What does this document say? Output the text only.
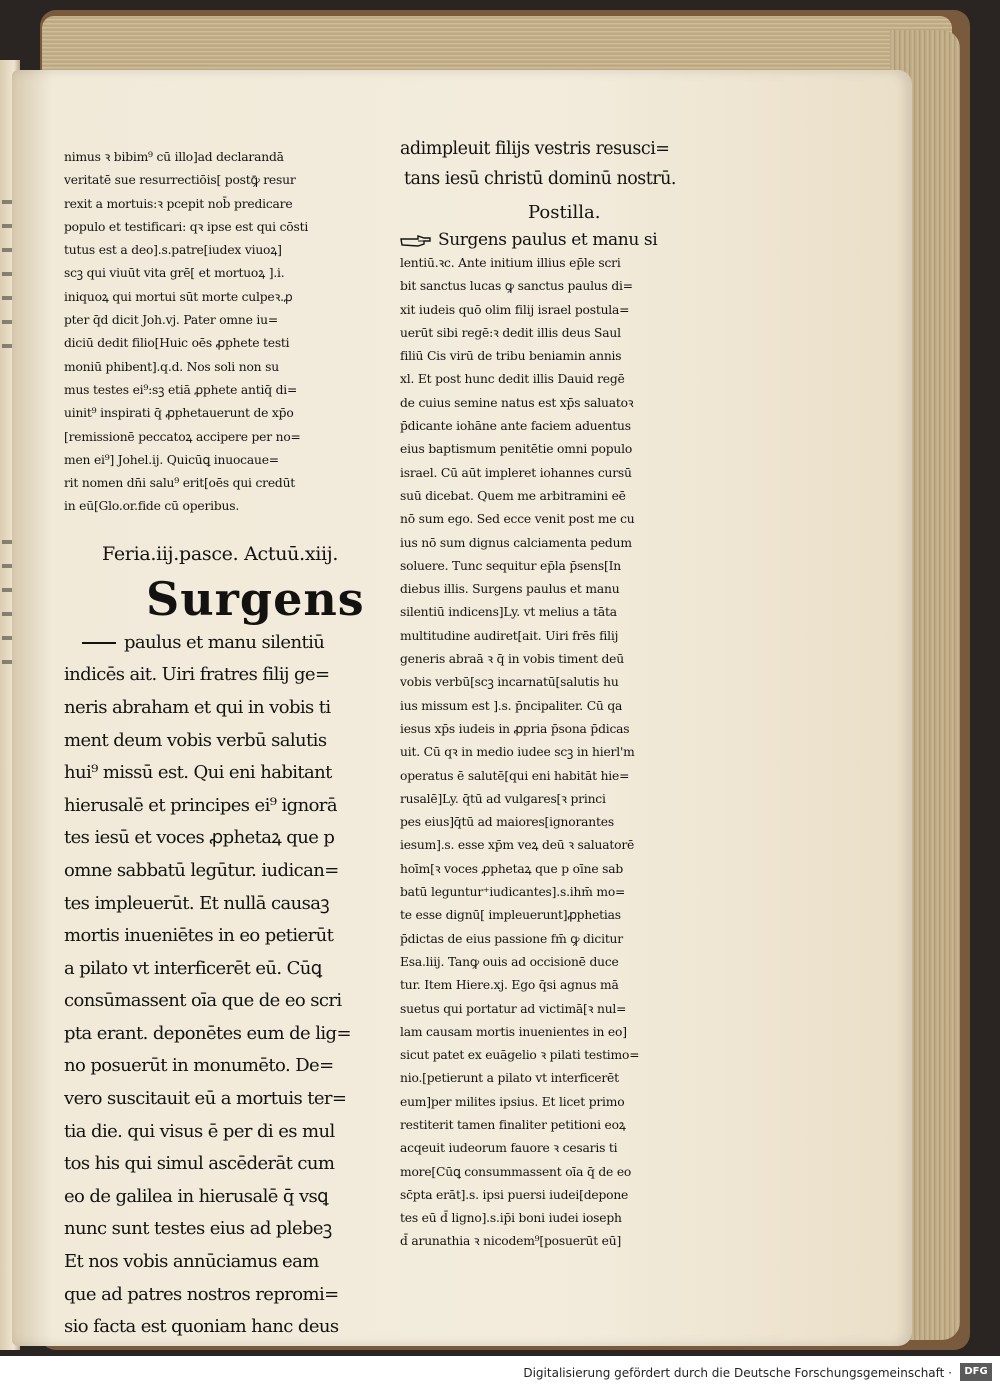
nimus ꝛ bibim⁹ cū illo]ad declarandā
veritatē sue resurrectiōis[ postꝙ̄ resur
rexit a mortuis:ꝛ pcepit nob̄ predicare
populo et testificari: qꝛ ipse est qui cōsti
tutus est a deo].s.patre[iudex viuoꝝ]
scꝫ qui viuūt vita grē[ et mortuoꝝ ].i.
iniquoꝝ qui mortui sūt morte culpeꝛ.ꝓ
pter q̄d dicit Joh.vj. Pater omne iu=
diciū dedit filio[Huic oēs ꝓphete testi
moniū phibent].q.d. Nos soli non su
mus testes ei⁹:sꝫ etiā ꝓphete antiq̄ di=
uinit⁹ inspirati q̄ ꝓphetauerunt de xp̄o
[remissionē peccatoꝝ accipere per no=
men ei⁹] Johel.ij. Quicūꝗ inuocaue=
rit nomen dn̄i salu⁹ erit[oēs qui credūt
in eū[Glo.or.fide cū operibus.
Feria.iij.pasce. Actuū.xiij.
Surgens
paulus et manu silentiū
indicēs ait. Uiri fratres filij ge=
neris abraham et qui in vobis ti
ment deum vobis verbū salutis
hui⁹ missū est. Qui eni habitant
hierusalē et principes ei⁹ ignorā
tes iesū et voces ꝓphetaꝝ que p
omne sabbatū legūtur. iudican=
tes impleuerūt. Et nullā causaꝫ
mortis inueniētes in eo petierūt
a pilato vt interficerēt eū. Cūꝗ
consūmassent oīa que de eo scri
pta erant. deponētes eum de lig=
no posuerūt in monumēto. De=
vero suscitauit eū a mortuis ter=
tia die. qui visus ē per di es mul
tos his qui simul ascēderāt cum
eo de galilea in hierusalē q̄ vsꝗ
nunc sunt testes eius ad plebeꝫ
Et nos vobis annūciamus eam
que ad patres nostros repromi=
sio facta est quoniam hanc deus
adimpleuit filijs vestris resusci=
tans iesū christū dominū nostrū.
Postilla.
Surgens paulus et manu si
lentiū.ꝛc. Ante initium illius ep̄le scri
bit sanctus lucas ꝙ sanctus paulus di=
xit iudeis quō olim filij israel postula=
uerūt sibi regē:ꝛ dedit illis deus Saul
filiū Cis virū de tribu beniamin annis
xl. Et post hunc dedit illis Dauid regē
de cuius semine natus est xp̄s saluatoꝛ
p̄dicante iohāne ante faciem aduentus
eius baptismum penitētie omni populo
israel. Cū aūt impleret iohannes cursū
suū dicebat. Quem me arbitramini eē
nō sum ego. Sed ecce venit post me cu
ius nō sum dignus calciamenta pedum
soluere. Tunc sequitur ep̄la p̄sens[In
diebus illis. Surgens paulus et manu
silentiū indicens]Ly. vt melius a tāta
multitudine audiret[ait. Uiri frēs filij
generis abraā ꝛ q̄ in vobis timent deū
vobis verbū[scꝫ incarnatū[salutis hu
ius missum est ].s. p̄ncipaliter. Cū qa
iesus xp̄s iudeis in ꝓpria p̄sona p̄dicas
uit. Cū qꝛ in medio iudee scꝫ in hierl'm
operatus ē salutē[qui eni habitāt hie=
rusalē]Ly. q̄tū ad vulgares[ꝛ princi
pes eius]q̄tū ad maiores[ignorantes
iesum].s. esse xp̄m veꝝ deū ꝛ saluatorē
hoīm[ꝛ voces ꝓphetaꝝ que p oīne sab
batū leguntur⁺iudicantes].s.ihm̄ mo=
te esse dignū[ impleuerunt]ꝓphetias
p̄dictas de eius passione fm̄ ꝙ dicitur
Esa.liij. Tanꝙ ouis ad occisionē duce
tur. Item Hiere.xj. Ego q̄si agnus mā
suetus qui portatur ad victimā[ꝛ nul=
lam causam mortis inuenientes in eo]
sicut patet ex euāgelio ꝛ pilati testimo=
nio.[petierunt a pilato vt interficerēt
eum]per milites ipsius. Et licet primo
restiterit tamen finaliter petitioni eoꝝ
acqeuit iudeorum fauore ꝛ cesaris ti
more[Cūꝗ consummassent oīa q̄ de eo
sc̄pta erāt].s. ipsi puersi iudei[depone
tes eū d̄ ligno].s.ip̄i boni iudei ioseph
d̄ arunathia ꝛ nicodem⁹[posuerūt eū]
Digitalisierung gefördert durch die Deutsche Forschungsgemeinschaft ·	DFG
